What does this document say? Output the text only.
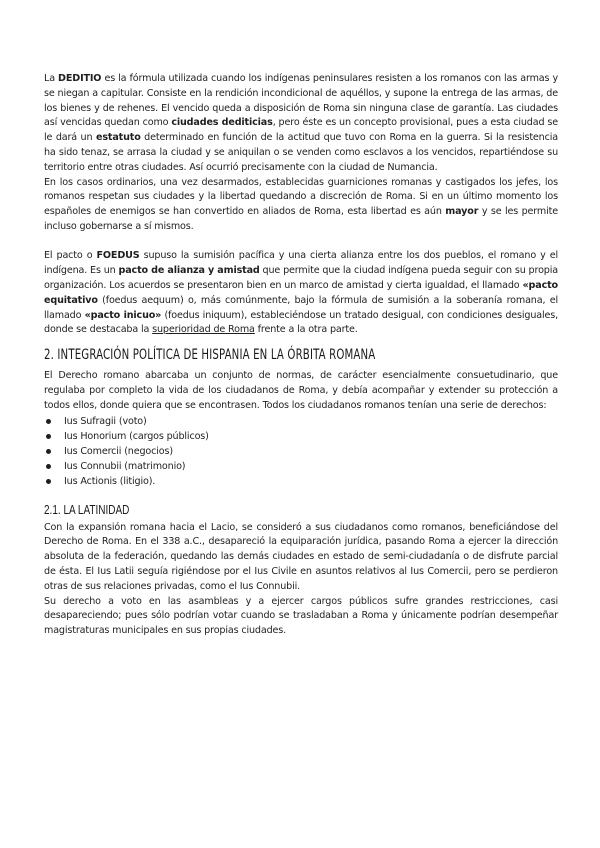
La DEDITIO es la fórmula utilizada cuando los indígenas peninsulares resisten a los romanos con las armas y se niegan a capitular. Consiste en la rendición incondicional de aquéllos, y supone la entrega de las armas, de los bienes y de rehenes. El vencido queda a disposición de Roma sin ninguna clase de garantía. Las ciudades así vencidas quedan como ciudades dediticias, pero éste es un concepto provisional, pues a esta ciudad se le dará un estatuto determinado en función de la actitud que tuvo con Roma en la guerra. Si la resistencia ha sido tenaz, se arrasa la ciudad y se aniquilan o se venden como esclavos a los vencidos, repartiéndose su territorio entre otras ciudades. Así ocurrió precisamente con la ciudad de Numancia.

En los casos ordinarios, una vez desarmados, establecidas guarniciones romanas y castigados los jefes, los romanos respetan sus ciudades y la libertad quedando a discreción de Roma. Si en un último momento los españoles de enemigos se han convertido en aliados de Roma, esta libertad es aún mayor y se les permite incluso gobernarse a sí mismos.

El pacto o FOEDUS supuso la sumisión pacífica y una cierta alianza entre los dos pueblos, el romano y el indígena. Es un pacto de alianza y amistad que permite que la ciudad indígena pueda seguir con su propia organización. Los acuerdos se presentaron bien en un marco de amistad y cierta igualdad, el llamado «pacto equitativo (foedus aequum) o, más comúnmente, bajo la fórmula de sumisión a la soberanía romana, el llamado «pacto inicuo» (foedus iniquum), estableciéndose un tratado desigual, con condiciones desiguales, donde se destacaba la superioridad de Roma frente a la otra parte.

2. INTEGRACIÓN POLÍTICA DE HISPANIA EN LA ÓRBITA ROMANA

El Derecho romano abarcaba un conjunto de normas, de carácter esencialmente consuetudinario, que regulaba por completo la vida de los ciudadanos de Roma, y debía acompañar y extender su protección a todos ellos, donde quiera que se encontrasen. Todos los ciudadanos romanos tenían una serie de derechos:

Ius Sufragii (voto)
Ius Honorium (cargos públicos)
Ius Comercii (negocios)
Ius Connubii (matrimonio)
Ius Actionis (litigio).
2.1. LA LATINIDAD

Con la expansión romana hacia el Lacio, se consideró a sus ciudadanos como romanos, beneficiándose del Derecho de Roma. En el 338 a.C., desapareció la equiparación jurídica, pasando Roma a ejercer la dirección absoluta de la federación, quedando las demás ciudades en estado de semi-ciudadanía o de disfrute parcial de ésta. El Ius Latii seguía rigiéndose por el Ius Civile en asuntos relativos al Ius Comercii, pero se perdieron otras de sus relaciones privadas, como el Ius Connubii.

Su derecho a voto en las asambleas y a ejercer cargos públicos sufre grandes restricciones, casi desapareciendo; pues sólo podrían votar cuando se trasladaban a Roma y únicamente podrían desempeñar magistraturas municipales en sus propias ciudades.
